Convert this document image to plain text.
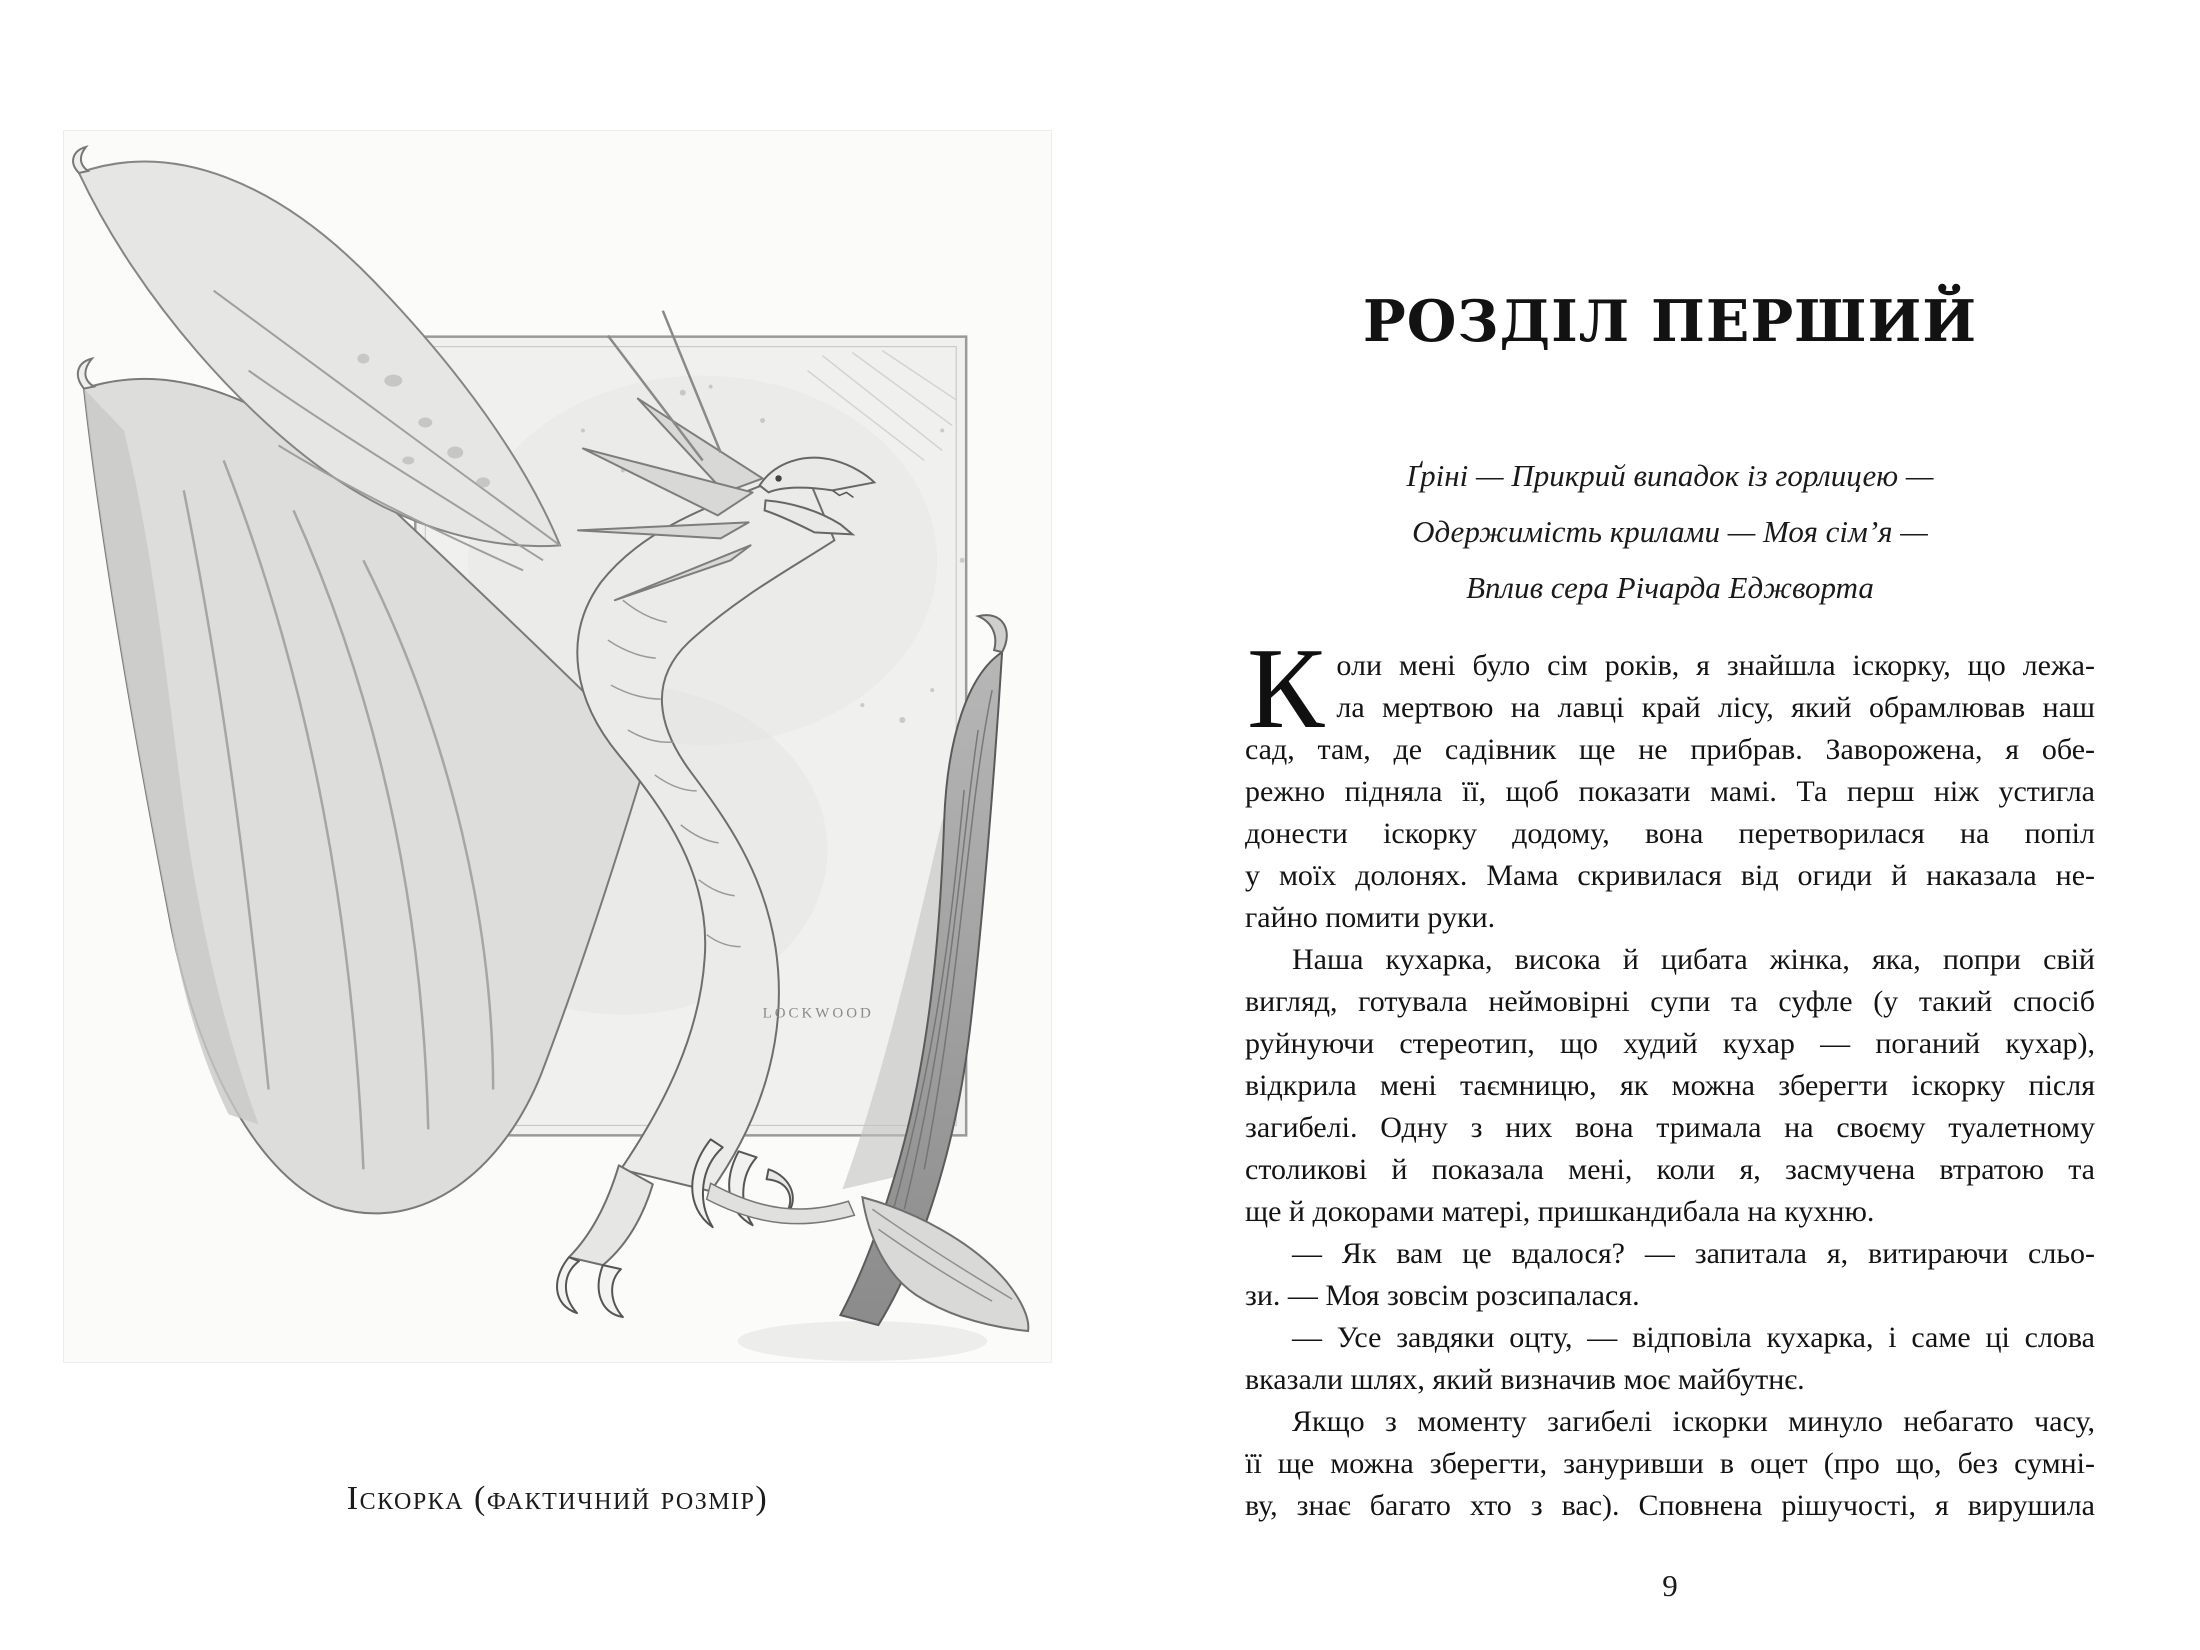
LOCKWOOD
Іскорка (фактичний розмір)
РОЗДІЛ ПЕРШИЙ
Ґріні — Прикрий випадок із горлицею —
Одержимість крилами — Моя сім’я —
Вплив сера Річарда Еджворта
К оли мені було сім років, я знайшла іскорку, що лежа-
ла мертвою на лавці край лісу, який обрамлював наш
сад, там, де садівник ще не прибрав. Заворожена, я обе-
режно підняла її, щоб показати мамі. Та перш ніж устигла
донести іскорку додому, вона перетворилася на попіл
у моїх долонях. Мама скривилася від огиди й наказала не-
гайно помити руки.
Наша кухарка, висока й цибата жінка, яка, попри свій
вигляд, готувала неймовірні супи та суфле (у такий спосіб
руйнуючи стереотип, що худий кухар — поганий кухар),
відкрила мені таємницю, як можна зберегти іскорку після
загибелі. Одну з них вона тримала на своєму туалетному
столикові й показала мені, коли я, засмучена втратою та
ще й докорами матері, пришкандибала на кухню.
— Як вам це вдалося? — запитала я, витираючи сльо-
зи. — Моя зовсім розсипалася.
— Усе завдяки оцту, — відповіла кухарка, і саме ці слова
вказали шлях, який визначив моє майбутнє.
Якщо з моменту загибелі іскорки минуло небагато часу,
її ще можна зберегти, зануривши в оцет (про що, без сумні-
ву, знає багато хто з вас). Сповнена рішучості, я вирушила
9
